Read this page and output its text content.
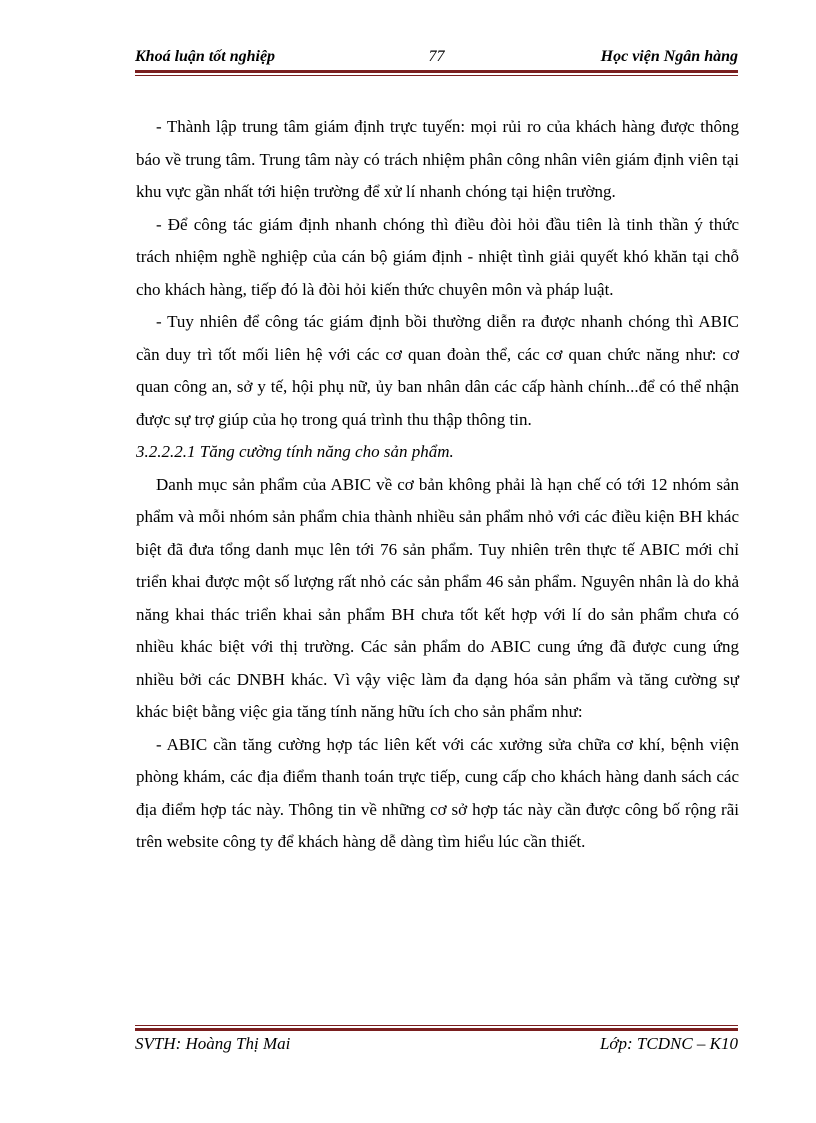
Khoá luận tốt nghiệp	77	Học viện Ngân hàng

- Thành lập trung tâm giám định trực tuyến: mọi rủi ro của khách hàng được thông báo về trung tâm. Trung tâm này có trách nhiệm phân công nhân viên giám định viên tại khu vực gần nhất tới hiện trường để xử lí nhanh chóng tại hiện trường.

- Để công tác giám định nhanh chóng thì điều đòi hỏi đầu tiên là tinh thần ý thức trách nhiệm nghề nghiệp của cán bộ giám định - nhiệt tình giải quyết khó khăn tại chỗ cho khách hàng, tiếp đó là đòi hỏi kiến thức chuyên môn và pháp luật.

- Tuy nhiên để công tác giám định bồi thường diễn ra được nhanh chóng thì ABIC cần duy trì tốt mối liên hệ với các cơ quan đoàn thể, các cơ quan chức năng như: cơ quan công an, sở y tế, hội phụ nữ, ủy ban nhân dân các cấp hành chính...để có thể nhận được sự trợ giúp của họ trong quá trình thu thập thông tin.

3.2.2.2.1 Tăng cường tính năng cho sản phẩm.

Danh mục sản phẩm của ABIC về cơ bản không phải là hạn chế có tới 12 nhóm sản phẩm và mỗi nhóm sản phẩm chia thành nhiều sản phẩm nhỏ với các điều kiện BH khác biệt đã đưa tổng danh mục lên tới 76 sản phẩm. Tuy nhiên trên thực tế ABIC mới chỉ triển khai được một số lượng rất nhỏ các sản phẩm 46 sản phẩm. Nguyên nhân là do khả năng khai thác triển khai sản phẩm BH chưa tốt kết hợp với lí do sản phẩm chưa có nhiều khác biệt với thị trường. Các sản phẩm do ABIC cung ứng đã được cung ứng nhiều bởi các DNBH khác. Vì vậy việc làm đa dạng hóa sản phẩm và tăng cường sự khác biệt bằng việc gia tăng tính năng hữu ích cho sản phẩm như:

- ABIC cần tăng cường hợp tác liên kết với các xưởng sửa chữa cơ khí, bệnh viện phòng khám, các địa điểm thanh toán trực tiếp, cung cấp cho khách hàng danh sách các địa điểm hợp tác này. Thông tin về những cơ sở hợp tác này cần được công bố rộng rãi trên website công ty để khách hàng dễ dàng tìm hiểu lúc cần thiết.

SVTH: Hoàng Thị Mai	Lớp: TCDNC – K10
